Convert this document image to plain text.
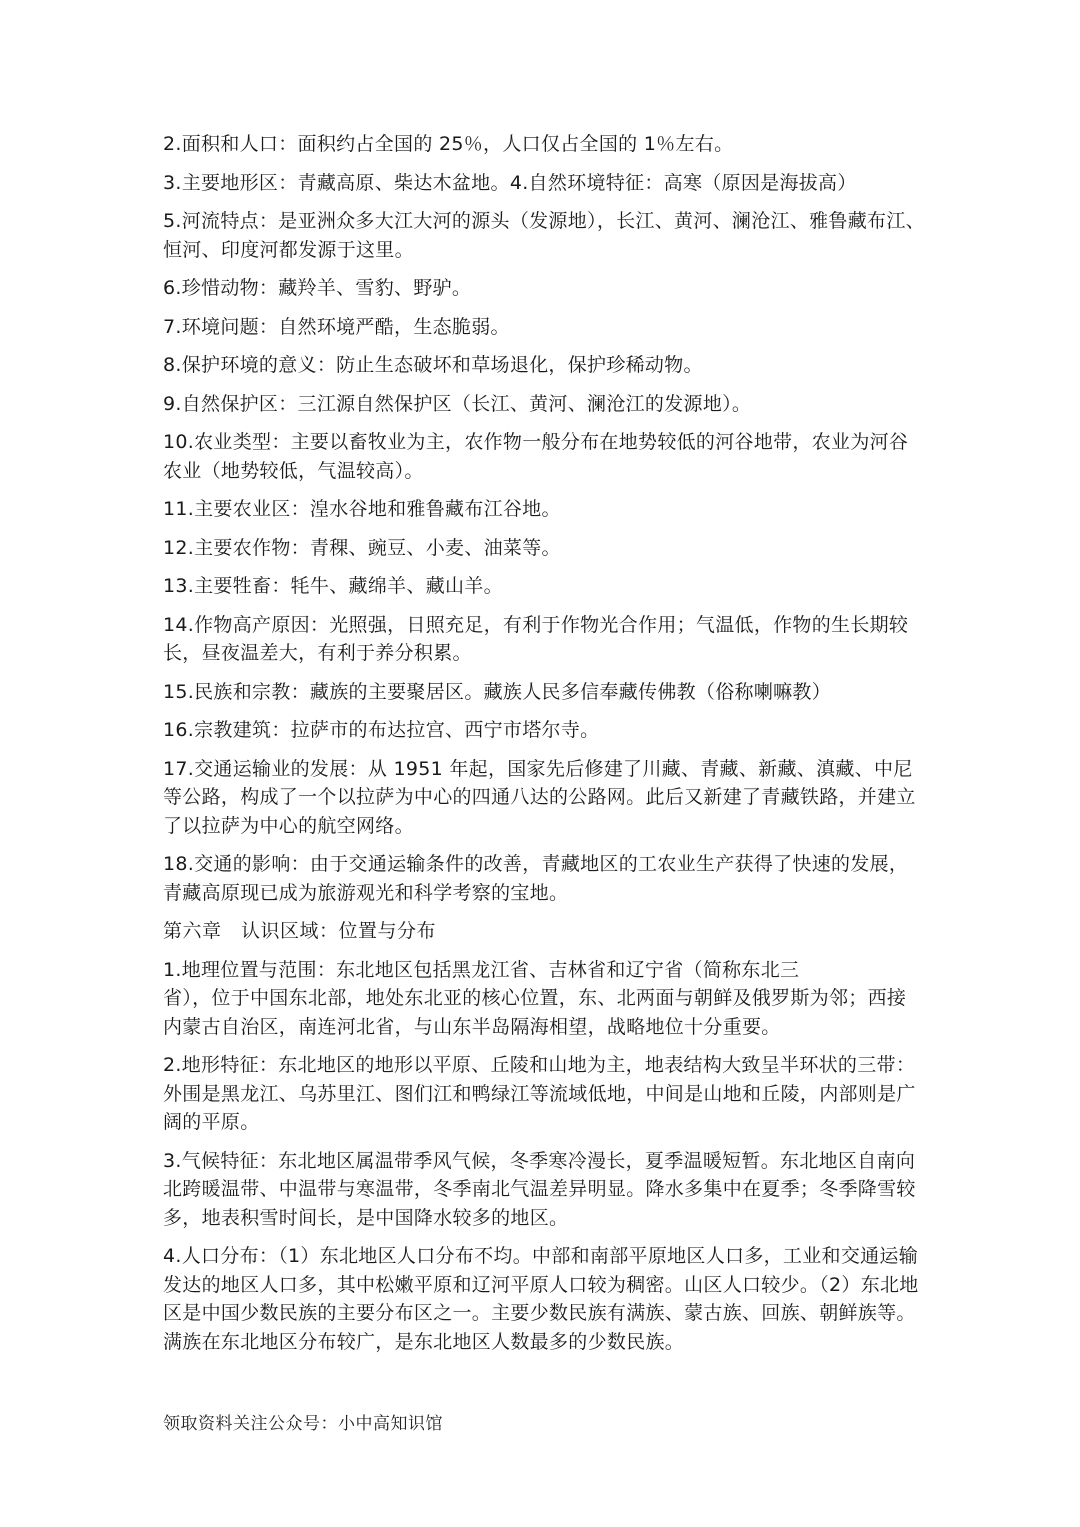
2.面积和人口：面积约占全国的 25％，人口仅占全国的 1％左右。

3.主要地形区：青藏高原、柴达木盆地。4.自然环境特征：高寒（原因是海拔高）

5.河流特点：是亚洲众多大江大河的源头（发源地），长江、黄河、澜沧江、雅鲁藏布江、恒河、印度河都发源于这里。

6.珍惜动物：藏羚羊、雪豹、野驴。

7.环境问题：自然环境严酷，生态脆弱。

8.保护环境的意义：防止生态破坏和草场退化，保护珍稀动物。

9.自然保护区：三江源自然保护区（长江、黄河、澜沧江的发源地）。

10.农业类型：主要以畜牧业为主，农作物一般分布在地势较低的河谷地带，农业为河谷农业（地势较低，气温较高）。

11.主要农业区：湟水谷地和雅鲁藏布江谷地。

12.主要农作物：青稞、豌豆、小麦、油菜等。

13.主要牲畜：牦牛、藏绵羊、藏山羊。

14.作物高产原因：光照强，日照充足，有利于作物光合作用；气温低，作物的生长期较长，昼夜温差大，有利于养分积累。

15.民族和宗教：藏族的主要聚居区。藏族人民多信奉藏传佛教（俗称喇嘛教）

16.宗教建筑：拉萨市的布达拉宫、西宁市塔尔寺。

17.交通运输业的发展：从 1951 年起，国家先后修建了川藏、青藏、新藏、滇藏、中尼等公路，构成了一个以拉萨为中心的四通八达的公路网。此后又新建了青藏铁路，并建立了以拉萨为中心的航空网络。

18.交通的影响：由于交通运输条件的改善，青藏地区的工农业生产获得了快速的发展，青藏高原现已成为旅游观光和科学考察的宝地。

第六章　认识区域：位置与分布

1.地理位置与范围：东北地区包括黑龙江省、吉林省和辽宁省（简称东北三
省），位于中国东北部，地处东北亚的核心位置，东、北两面与朝鲜及俄罗斯为邻；西接内蒙古自治区，南连河北省，与山东半岛隔海相望，战略地位十分重要。

2.地形特征：东北地区的地形以平原、丘陵和山地为主，地表结构大致呈半环状的三带：外围是黑龙江、乌苏里江、图们江和鸭绿江等流域低地，中间是山地和丘陵，内部则是广阔的平原。

3.气候特征：东北地区属温带季风气候，冬季寒冷漫长，夏季温暖短暂。东北地区自南向北跨暖温带、中温带与寒温带，冬季南北气温差异明显。降水多集中在夏季；冬季降雪较多，地表积雪时间长，是中国降水较多的地区。

4.人口分布：（1）东北地区人口分布不均。中部和南部平原地区人口多，工业和交通运输发达的地区人口多，其中松嫩平原和辽河平原人口较为稠密。山区人口较少。（2）东北地区是中国少数民族的主要分布区之一。主要少数民族有满族、蒙古族、回族、朝鲜族等。满族在东北地区分布较广，是东北地区人数最多的少数民族。

领取资料关注公众号：小中高知识馆
